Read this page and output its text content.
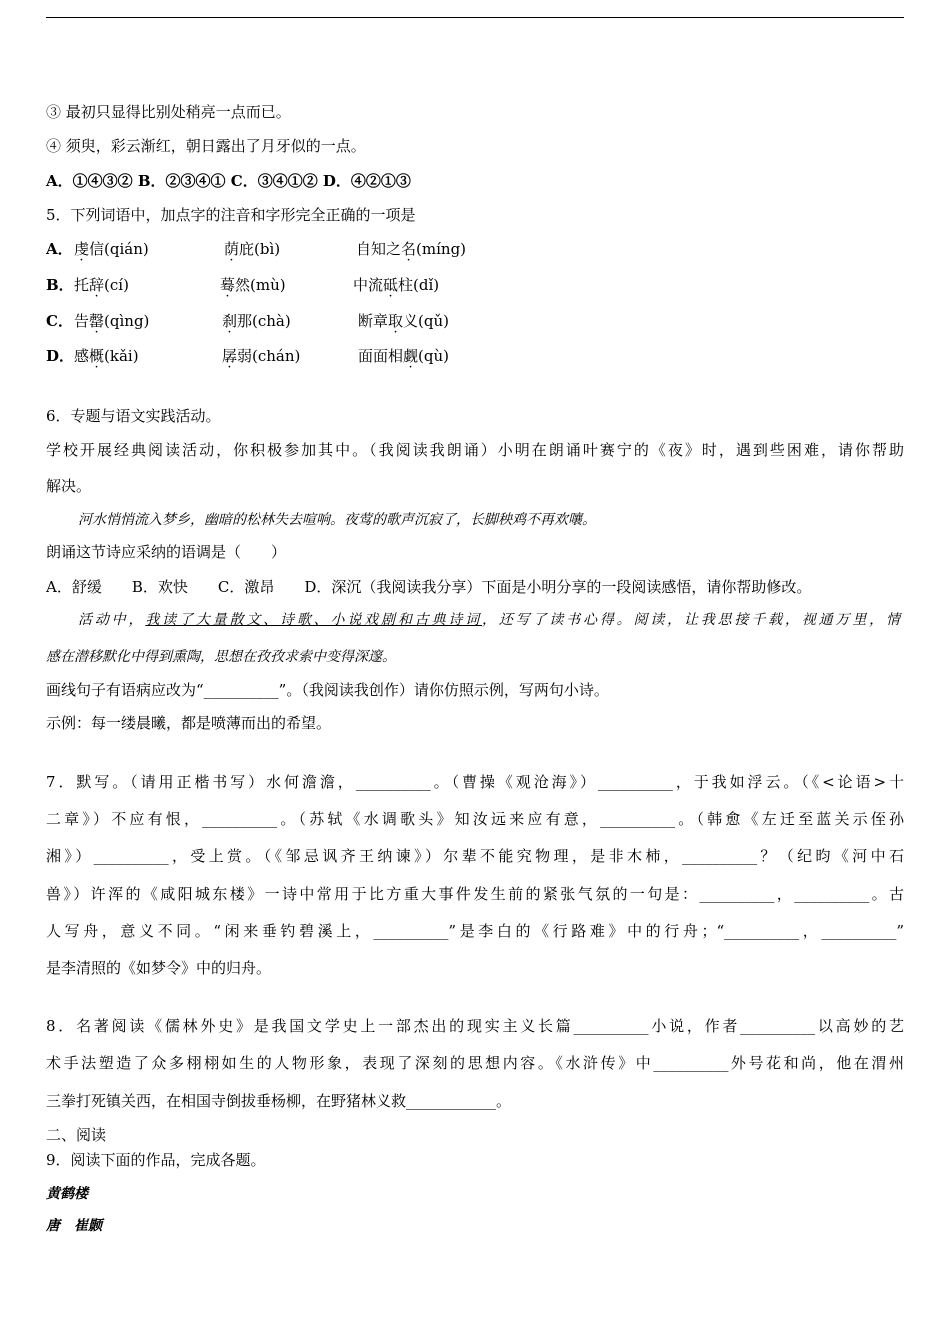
③ 最初只显得比别处稍亮一点而已。
④ 须臾，彩云渐红，朝日露出了月牙似的一点。
A．①④③② B．②③④① C．③④①② D．④②①③
5．下列词语中，加点字的注音和字形完全正确的一项是
A． 虔信(qián)	荫庇(bì)	自知之名(míng)
B． 托辞(cí)	蓦然(mù)	中流砥柱(dǐ)
C． 告罄(qìng)	刹那(chà)	断章取义(qǔ)
D． 感概(kǎi)	孱弱(chán)	面面相觑(qù)
6．专题与语文实践活动。
学校开展经典阅读活动，你积极参加其中。（我阅读我朗诵）小明在朗诵叶赛宁的《夜》时，遇到些困难，请你帮助
解决。
河水悄悄流入梦乡，幽暗的松林失去喧响。夜莺的歌声沉寂了，长脚秧鸡不再欢嚷。
朗诵这节诗应采纳的语调是（　　）
A．舒缓　　B．欢快　　C．激昂　　D．深沉（我阅读我分享）下面是小明分享的一段阅读感悟，请你帮助修改。
活动中，我读了大量散文、诗歌、小说戏剧和古典诗词，还写了读书心得。阅读，让我思接千载，视通万里，情
感在潜移默化中得到熏陶，思想在孜孜求索中变得深邃。
画线句子有语病应改为“__________”。（我阅读我创作）请你仿照示例，写两句小诗。
示例：每一缕晨曦，都是喷薄而出的希望。
7．默写。（请用正楷书写）水何澹澹，__________。（曹操《观沧海》）__________，于我如浮云。（《<论语>十
二章》）不应有恨，__________。（苏轼《水调歌头》知汝远来应有意，__________。（韩愈《左迁至蓝关示侄孙
湘》）__________，受上赏。（《邹忌讽齐王纳谏》）尔辈不能究物理，是非木柿，__________？（纪昀《河中石
兽》）许浑的《咸阳城东楼》一诗中常用于比方重大事件发生前的紧张气氛的一句是：__________，__________。古
人写舟，意义不同。“闲来垂钓碧溪上，__________”是李白的《行路难》中的行舟；“__________，__________”
是李清照的《如梦令》中的归舟。
8．名著阅读《儒林外史》是我国文学史上一部杰出的现实主义长篇__________小说，作者__________以高妙的艺
术手法塑造了众多栩栩如生的人物形象，表现了深刻的思想内容。《水浒传》中__________外号花和尚，他在渭州
三拳打死镇关西，在相国寺倒拔垂杨柳，在野猪林义救____________。
二、阅读
9．阅读下面的作品，完成各题。
黄鹤楼
唐　崔颢
